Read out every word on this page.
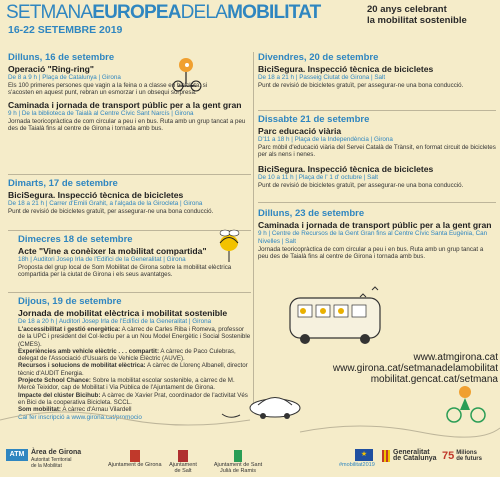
SETMANAEUROPEADELAMOBILITAT
16-22 SETEMBRE 2019
20 anys celebrant
la mobilitat sostenible
Dilluns, 16 de setembre
Operació "Ring-ring"
De 8 a 9 h | Plaça de Catalunya | Girona
Els 100 primeres persones que vagin a la feina o a classe en bicicleta, si s'acosten en aquest punt, rebran un esmorzar i un obsequi sorpresa.
Caminada i jornada de transport públic per a la gent gran
9 h | De la biblioteca de Taialà al Centre Cívic Sant Narcís | Girona
Jornada teoricopràctica de com circular a peu i en bus. Ruta amb un grup tancat a peu des de Taialà fins al centre de Girona i tornada amb bus.
Dimarts, 17 de setembre
BiciSegura. Inspecció tècnica de bicicletes
De 18 a 21 h | Carrer d'Emili Grahit, a l'alçada de la Girocleta | Girona
Punt de revisió de bicicletes gratuït, per assegurar-ne una bona conducció.
Dimecres 18 de setembre
Acte "Vine a conèixer la mobilitat compartida"
18h | Auditori Josep Irla de l'Edifici de la Generalitat | Girona
Proposta del grup local de Som Mobilitat de Girona sobre la mobilitat elèctrica compartida per la ciutat de Girona i els seus avantatges.
Dijous, 19 de setembre
Jornada de mobilitat elèctrica i mobilitat sostenible
De 18 a 20 h | Auditori Josep Irla de l'Edifici de la Generalitat | Girona
L'accessibilitat i gestió energètica: A càrrec de Carles Riba i Romeva, professor de la UPC i president del Col·lectiu per a un Nou Model Energètic i Social Sostenible (CMES).
Experiències amb vehicle elèctric . . . compartit: A càrrec de Paco Culebras, delegat de l'Associació d'Usuaris de Vehicle Elèctric (AUVE).
Recursos i solucions de mobilitat elèctrica: A càrrec de Llorenç Albanell, director tècnic d'AUDIT Energia.
Projecte School Chance: Sobre la mobilitat escolar sostenible, a càrrec de M. Mercè Teixidor, cap de Mobilitat i Via Pública de l'Ajuntament de Girona.
Impacte del clúster Bicihub: A càrrec de Xavier Prat, coordinador de l'activitat Vés en Bici de la cooperativa Bicicleta. SCCL.
Som mobilitat: A càrrec d'Arnau Vilardell
Cal fer inscripció a www.girona.cat/promocio
Divendres, 20 de setembre
BiciSegura. Inspecció tècnica de bicicletes
De 18 a 21 h | Passeig Ciutat de Girona | Salt
Punt de revisió de bicicletes gratuït, per assegurar-ne una bona conducció.
Dissabte 21 de setembre
Parc educació viària
D'11 a 18 h | Plaça de la Independència | Girona
Parc mòbil d'educació viària del Servei Català de Trànsit, en format circuit de bicicletes per als nens i nenes.
BiciSegura. Inspecció tècnica de bicicletes
De 10 a 11 h | Plaça de l' 1 d' octubre | Salt
Punt de revisió de bicicletes gratuït, per assegurar-ne una bona conducció.
Dilluns, 23 de setembre
Caminada i jornada de transport públic per a la gent gran
9 h | Centre de Recursos de la Gent Gran fins al Centre Cívic Santa Eugènia, Can Nivelles | Salt
Jornada teoricopràctica de com circular a peu i en bus. Ruta amb un grup tancat a peu des de Taialà fins al centre de Girona i tornada amb bus.
www.atmgirona.cat
www.girona.cat/setmanadelamobilitat
mobilitat.gencat.cat/setmana
ATM Àrea de Girona
Autoritat Territorial
de la Mobilitat	Ajuntament de Girona Ajuntament de Salt
Ajuntament de Sant Julià de Ramis
★	Generalitat
de Catalunya 75 Milions
de futurs
#mobilitat2019
